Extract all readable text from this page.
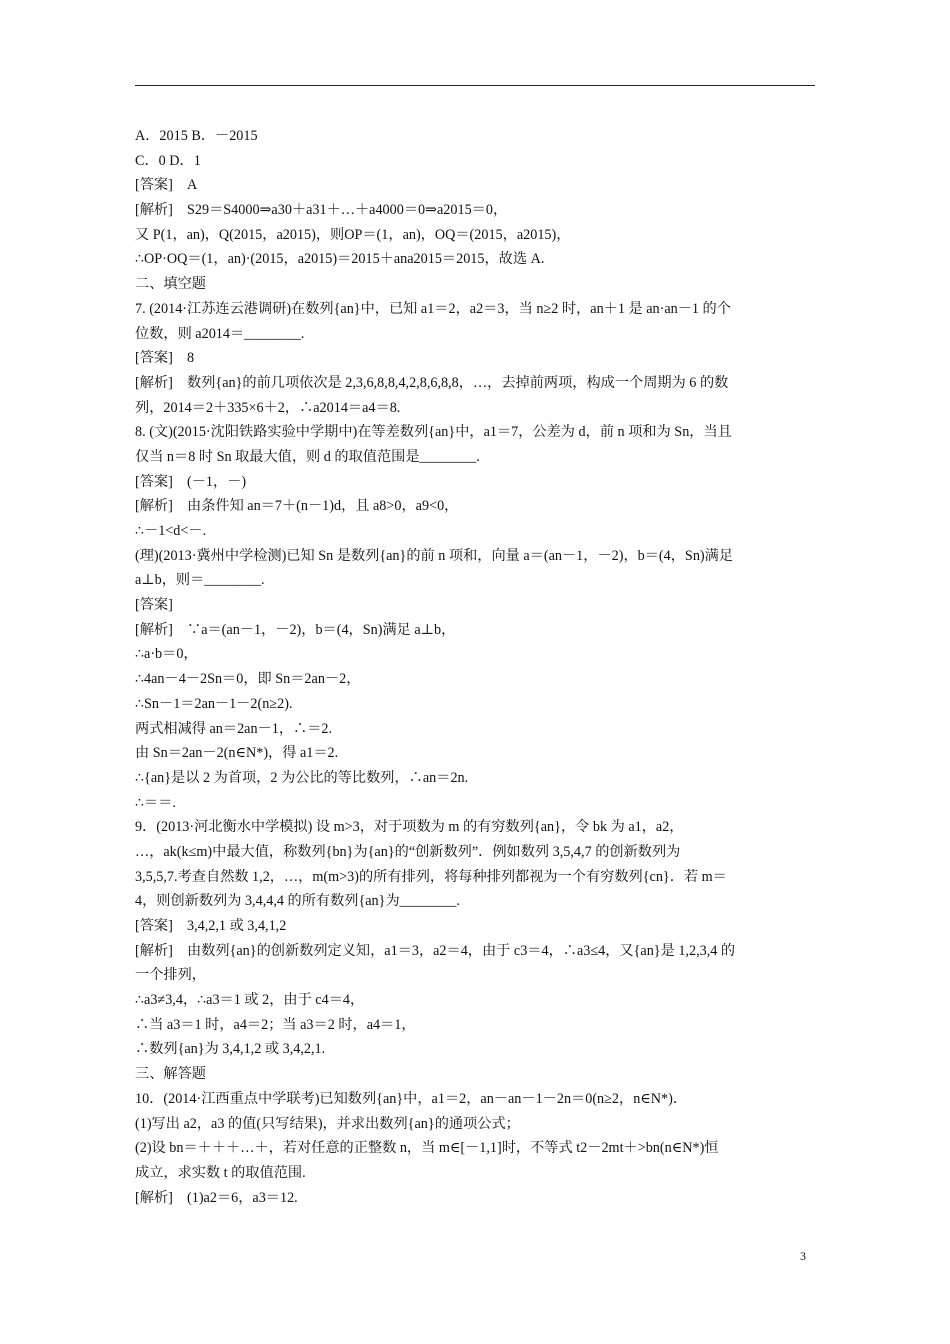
A．2015 B．－2015
C．0 D．1
[答案]　A
[解析]　S29＝S4000⇒a30＋a31＋…＋a4000＝0⇒a2015＝0，
又 P(1，an)，Q(2015，a2015)，则OP＝(1，an)，OQ＝(2015，a2015)，
∴OP·OQ＝(1，an)·(2015，a2015)＝2015＋ana2015＝2015，故选 A.
二、填空题
7. (2014·江苏连云港调研)在数列{an}中，已知 a1＝2，a2＝3，当 n≥2 时，an＋1 是 an·an－1 的个
位数，则 a2014＝________.
[答案]　8
[解析]　数列{an}的前几项依次是 2,3,6,8,8,4,2,8,6,8,8，…，去掉前两项，构成一个周期为 6 的数
列，2014＝2＋335×6＋2，∴a2014＝a4＝8.
8. (文)(2015·沈阳铁路实验中学期中)在等差数列{an}中，a1＝7，公差为 d，前 n 项和为 Sn，当且
仅当 n＝8 时 Sn 取最大值，则 d 的取值范围是________.
[答案]　(－1，－)
[解析]　由条件知 an＝7＋(n－1)d，且 a8>0，a9<0，
∴－1<d<－.
(理)(2013·冀州中学检测)已知 Sn 是数列{an}的前 n 项和，向量 a＝(an－1，－2)，b＝(4，Sn)满足
a⊥b，则＝________.
[答案]
[解析]　∵a＝(an－1，－2)，b＝(4，Sn)满足 a⊥b，
∴a·b＝0，
∴4an－4－2Sn＝0，即 Sn＝2an－2，
∴Sn－1＝2an－1－2(n≥2).
两式相减得 an＝2an－1，∴＝2.
由 Sn＝2an－2(n∈N*)，得 a1＝2.
∴{an}是以 2 为首项，2 为公比的等比数列，∴an＝2n.
∴＝＝.
9．(2013·河北衡水中学模拟) 设 m>3，对于项数为 m 的有穷数列{an}，令 bk 为 a1，a2，
…，ak(k≤m)中最大值，称数列{bn}为{an}的“创新数列”．例如数列 3,5,4,7 的创新数列为
3,5,5,7.考查自然数 1,2，…，m(m>3)的所有排列，将每种排列都视为一个有穷数列{cn}．若 m＝
4，则创新数列为 3,4,4,4 的所有数列{an}为________.
[答案]　3,4,2,1 或 3,4,1,2
[解析]　由数列{an}的创新数列定义知，a1＝3，a2＝4，由于 c3＝4，∴a3≤4，又{an}是 1,2,3,4 的
一个排列，
∴a3≠3,4，∴a3＝1 或 2，由于 c4＝4，
∴当 a3＝1 时，a4＝2；当 a3＝2 时，a4＝1，
∴数列{an}为 3,4,1,2 或 3,4,2,1.
三、解答题
10．(2014·江西重点中学联考)已知数列{an}中，a1＝2，an－an－1－2n＝0(n≥2，n∈N*)．
(1)写出 a2，a3 的值(只写结果)，并求出数列{an}的通项公式；
(2)设 bn＝＋＋＋…＋，若对任意的正整数 n，当 m∈[－1,1]时，不等式 t2－2mt＋>bn(n∈N*)恒
成立，求实数 t 的取值范围.
[解析]　(1)a2＝6，a3＝12.
3
